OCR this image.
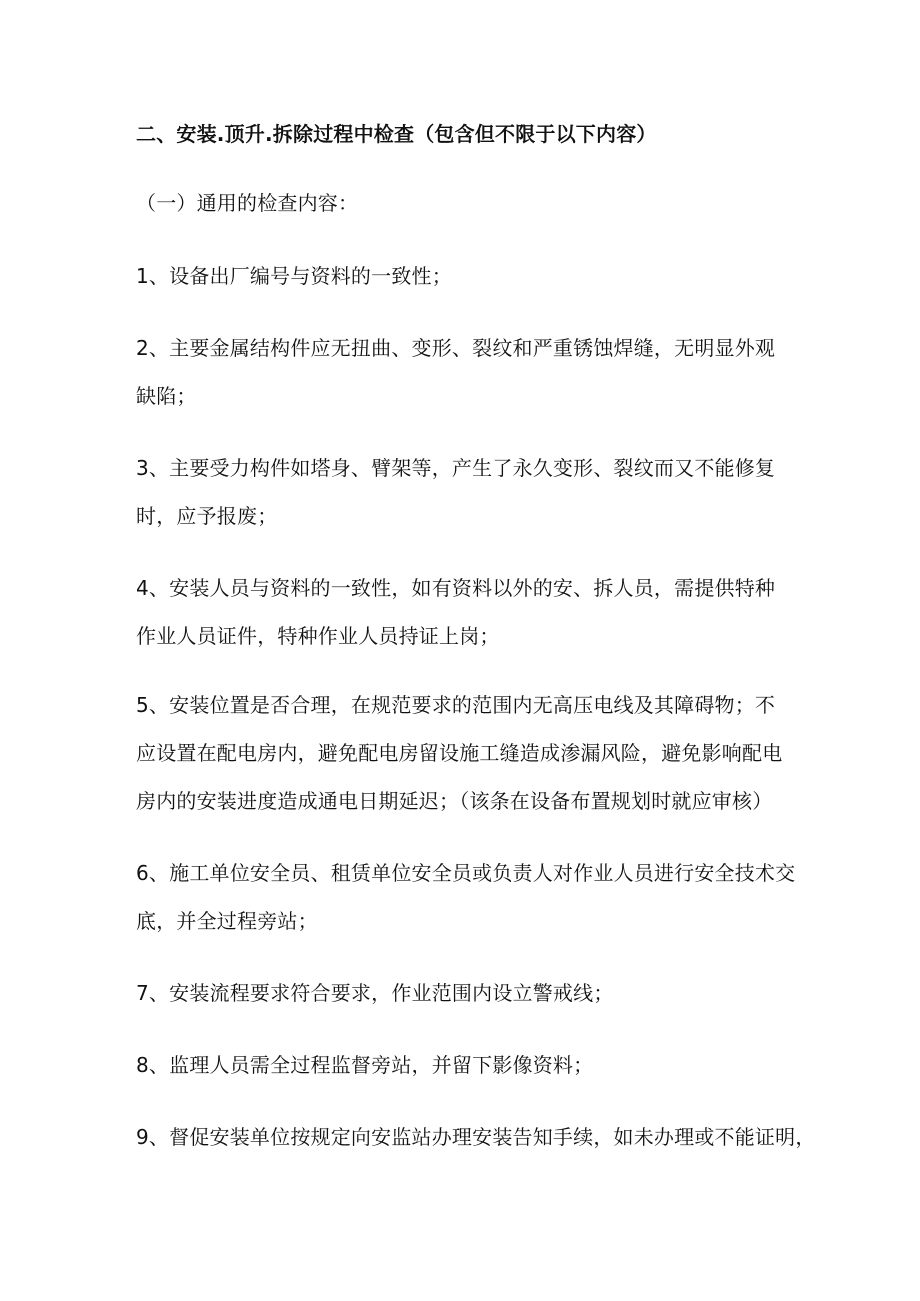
二、安装.顶升.拆除过程中检查（包含但不限于以下内容）
（一）通用的检查内容：
1、设备出厂编号与资料的一致性；
2、主要金属结构件应无扭曲、变形、裂纹和严重锈蚀焊缝，无明显外观
缺陷；
3、主要受力构件如塔身、臂架等，产生了永久变形、裂纹而又不能修复
时，应予报废；
4、安装人员与资料的一致性，如有资料以外的安、拆人员，需提供特种
作业人员证件，特种作业人员持证上岗；
5、安装位置是否合理，在规范要求的范围内无高压电线及其障碍物；不
应设置在配电房内，避免配电房留设施工缝造成渗漏风险，避免影响配电
房内的安装进度造成通电日期延迟；（该条在设备布置规划时就应审核）
6、施工单位安全员、租赁单位安全员或负责人对作业人员进行安全技术交
底，并全过程旁站；
7、安装流程要求符合要求，作业范围内设立警戒线；
8、监理人员需全过程监督旁站，并留下影像资料；
9、督促安装单位按规定向安监站办理安装告知手续，如未办理或不能证明，
